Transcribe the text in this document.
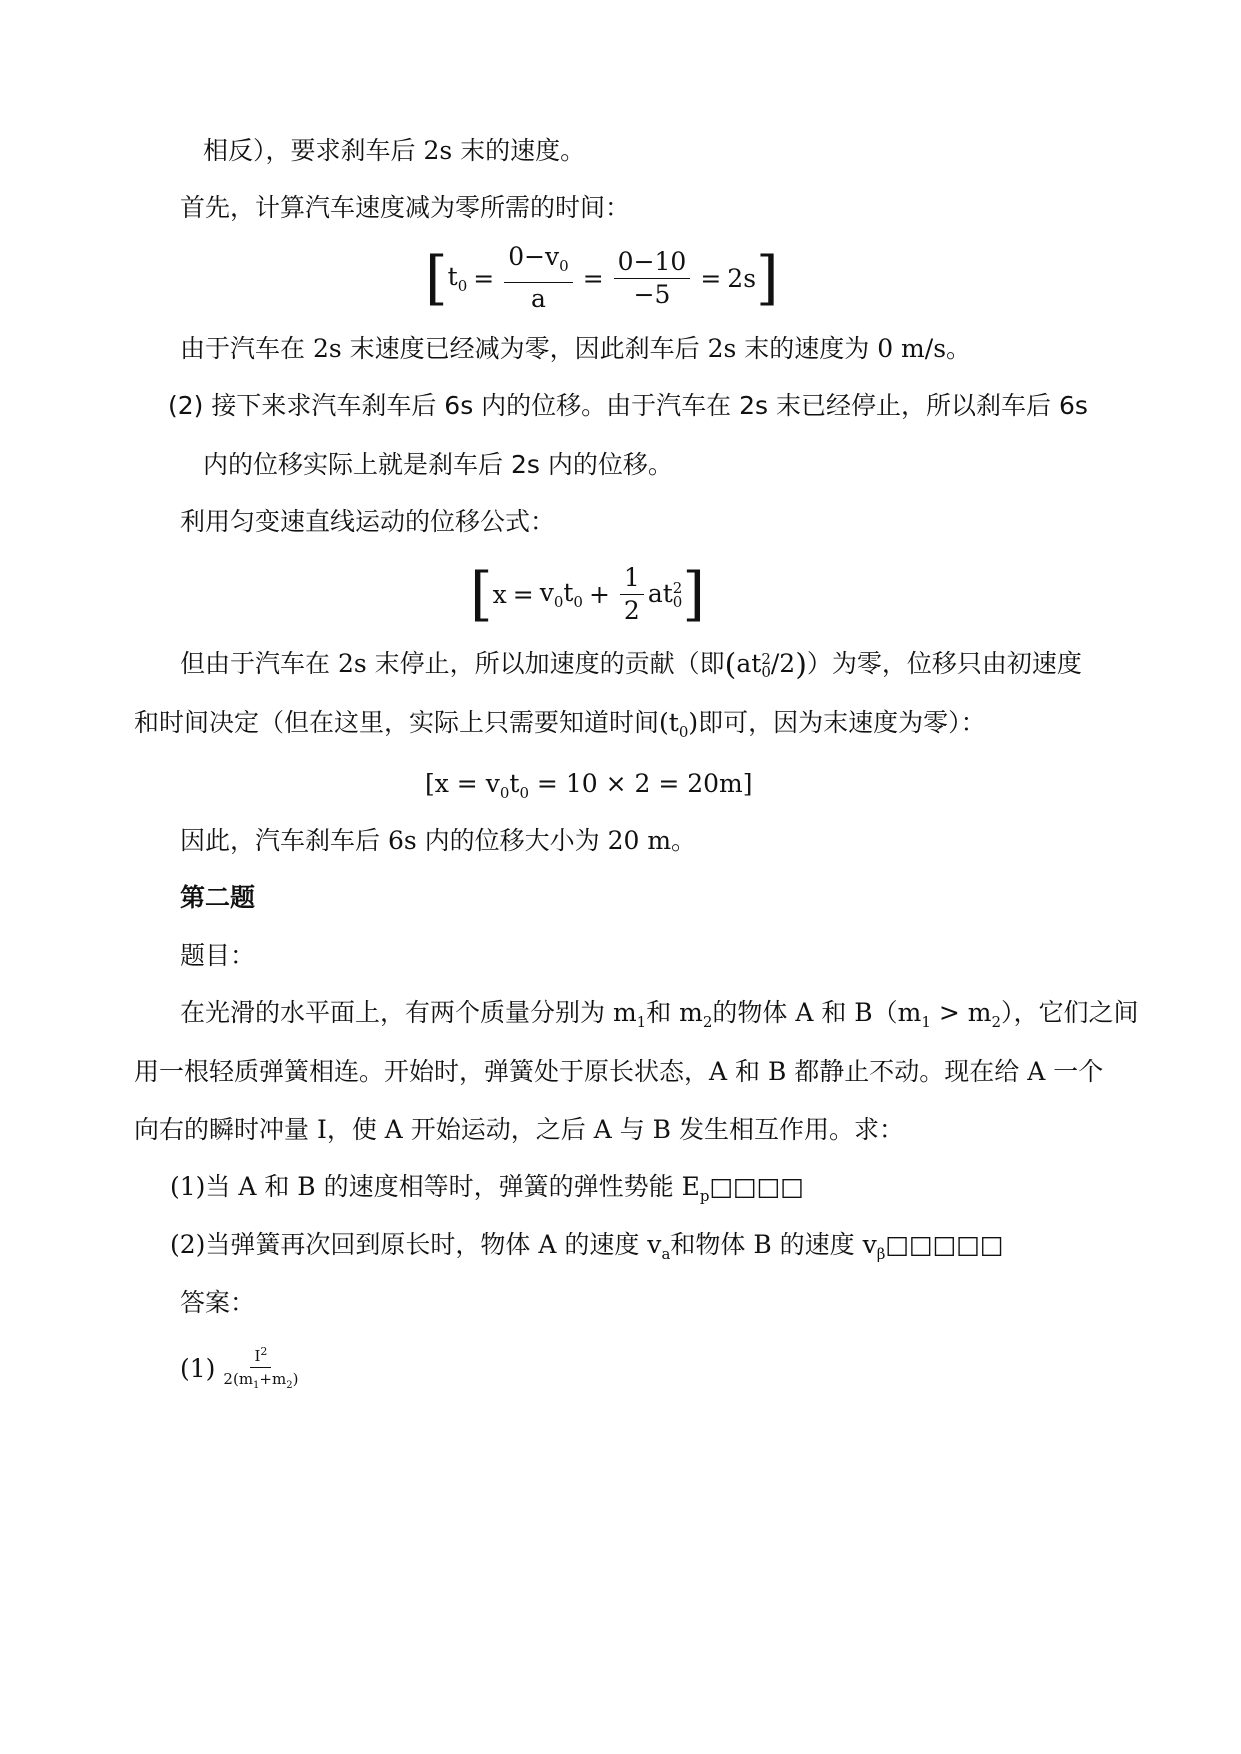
相反），要求刹车后 2s 末的速度。
首先，计算汽车速度减为零所需的时间：
[ $t_0 = \frac{0-v_0}{a} = \frac{0-10}{-5} = 2s$ ]
由于汽车在 2s 末速度已经减为零，因此刹车后 2s 末的速度为 0 m/s。
(2) 接下来求汽车刹车后 6s 内的位移。由于汽车在 2s 末已经停止，所以刹车后 6s
内的位移实际上就是刹车后 2s 内的位移。
利用匀变速直线运动的位移公式：
[ $x = v_0t_0 + \frac{1}{2}$ at 2
0 ]
但由于汽车在 2s 末停止，所以加速度的贡献（即(at 2
0 /2)）为零，位移只由初速度
和时间决定（但在这里，实际上只需要知道时间$(t_0)$即可，因为末速度为零）：
$[x = v_0t_0 = 10 \times 2 = 20m]$
因此，汽车刹车后 6s 内的位移大小为 20 m。
第二题
题目：
在光滑的水平面上，有两个质量分别为 $m_1$和 $m_2$的物体 A 和 $B(m_1 > m_2)$，它们之间
用一根轻质弹簧相连。开始时，弹簧处于原长状态，A 和 B 都静止不动。现在给 A 一个
向右的瞬时冲量 I，使 A 开始运动，之后 A 与 B 发生相互作用。求：
(1)当 A 和 B 的速度相等时，弹簧的弹性势能 $E_p□□□□$
(2)当弹簧再次回到原长时，物体 A 的速度 $v_a$和物体 B 的速度 $v_\beta□□□□□$
答案：
$(1) \frac{I^2}{2(m_1+m_2)}$
